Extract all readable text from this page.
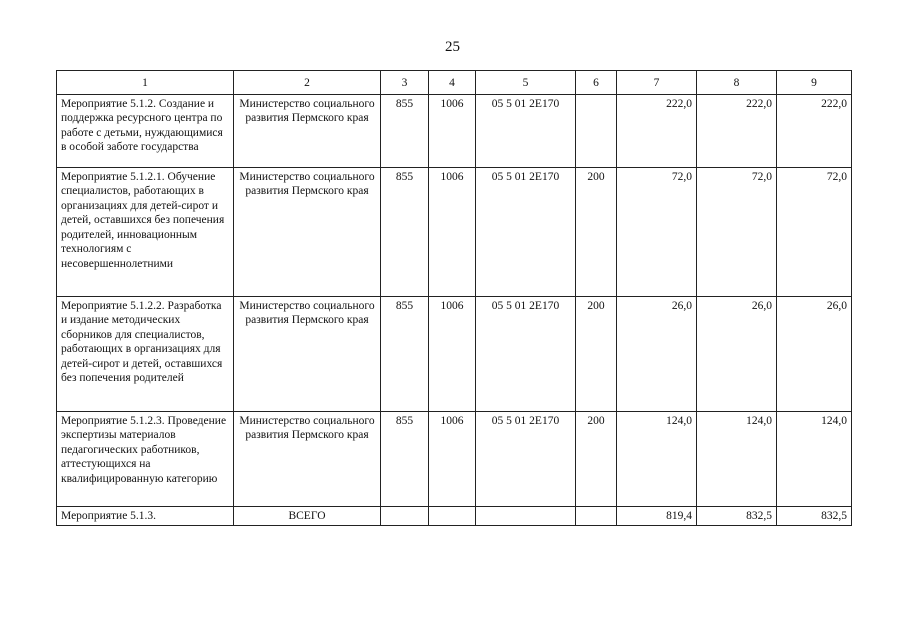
25
1	2	3	4	5	6	7	8	9
Мероприятие 5.1.2. Создание и поддержка ресурсного центра по работе с детьми, нуждающимися в особой заботе государства	Министерство социального развития Пермского края	855	1006	05 5 01 2Е170		222,0	222,0	222,0
Мероприятие 5.1.2.1. Обучение специалистов, работающих в организациях для детей-сирот и детей, оставшихся без попечения родителей, инновационным технологиям с несовершеннолетними	Министерство социального развития Пермского края	855	1006	05 5 01 2Е170	200	72,0	72,0	72,0
Мероприятие 5.1.2.2. Разработка и издание методических сборников для специалистов, работающих в организациях для детей-сирот и детей, оставшихся без попечения родителей	Министерство социального развития Пермского края	855	1006	05 5 01 2Е170	200	26,0	26,0	26,0
Мероприятие 5.1.2.3. Проведение экспертизы материалов педагогических работников, аттестующихся на квалифицированную категорию	Министерство социального развития Пермского края	855	1006	05 5 01 2Е170	200	124,0	124,0	124,0
Мероприятие 5.1.3.	ВСЕГО					819,4	832,5	832,5
